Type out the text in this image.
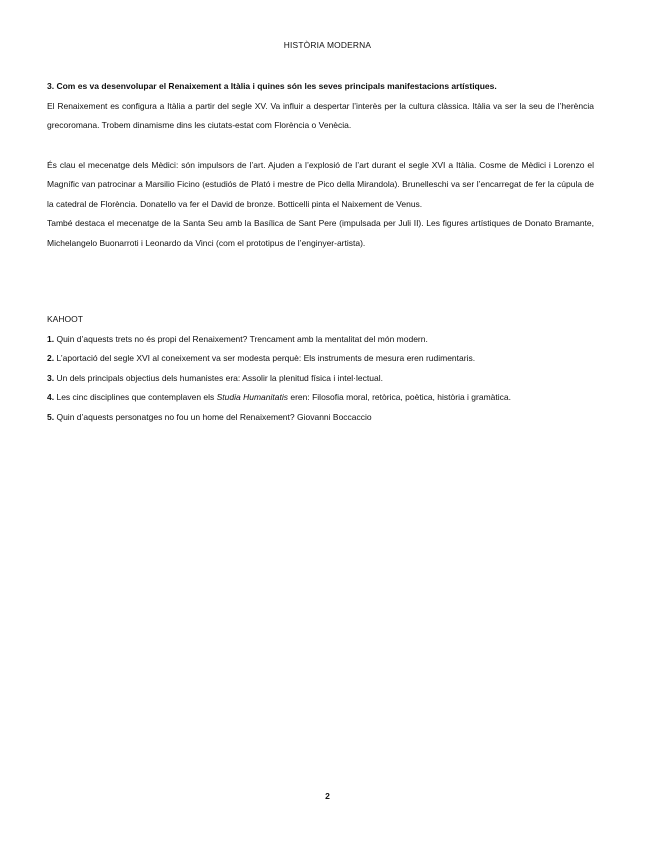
HISTÒRIA MODERNA

3. Com es va desenvolupar el Renaixement a Itàlia i quines són les seves principals manifestacions artístiques.

El Renaixement es configura a Itàlia a partir del segle XV. Va influir a despertar l’interès per la cultura clàssica. Itàlia va ser la seu de l’herència grecoromana. Trobem dinamisme dins les ciutats-estat com Florència o Venècia.

És clau el mecenatge dels Mèdici: són impulsors de l’art. Ajuden a l’explosió de l’art durant el segle XVI a Itàlia. Cosme de Mèdici i Lorenzo el Magnífic van patrocinar a Marsilio Ficino (estudiós de Plató i mestre de Pico della Mirandola). Brunelleschi va ser l’encarregat de fer la cúpula de la catedral de Florència. Donatello va fer el David de bronze. Botticelli pinta el Naixement de Venus.

També destaca el mecenatge de la Santa Seu amb la Basílica de Sant Pere (impulsada per Juli II). Les figures artístiques de Donato Bramante, Michelangelo Buonarroti i Leonardo da Vinci (com el prototipus de l’enginyer-artista).

KAHOOT

1. Quin d’aquests trets no és propi del Renaixement? Trencament amb la mentalitat del món modern.

2. L’aportació del segle XVI al coneixement va ser modesta perquè: Els instruments de mesura eren rudimentaris.

3. Un dels principals objectius dels humanistes era: Assolir la plenitud física i intel·lectual.

4. Les cinc disciplines que contemplaven els Studia Humanitatis eren: Filosofia moral, retòrica, poètica, història i gramàtica.

5. Quin d’aquests personatges no fou un home del Renaixement? Giovanni Boccaccio

2
